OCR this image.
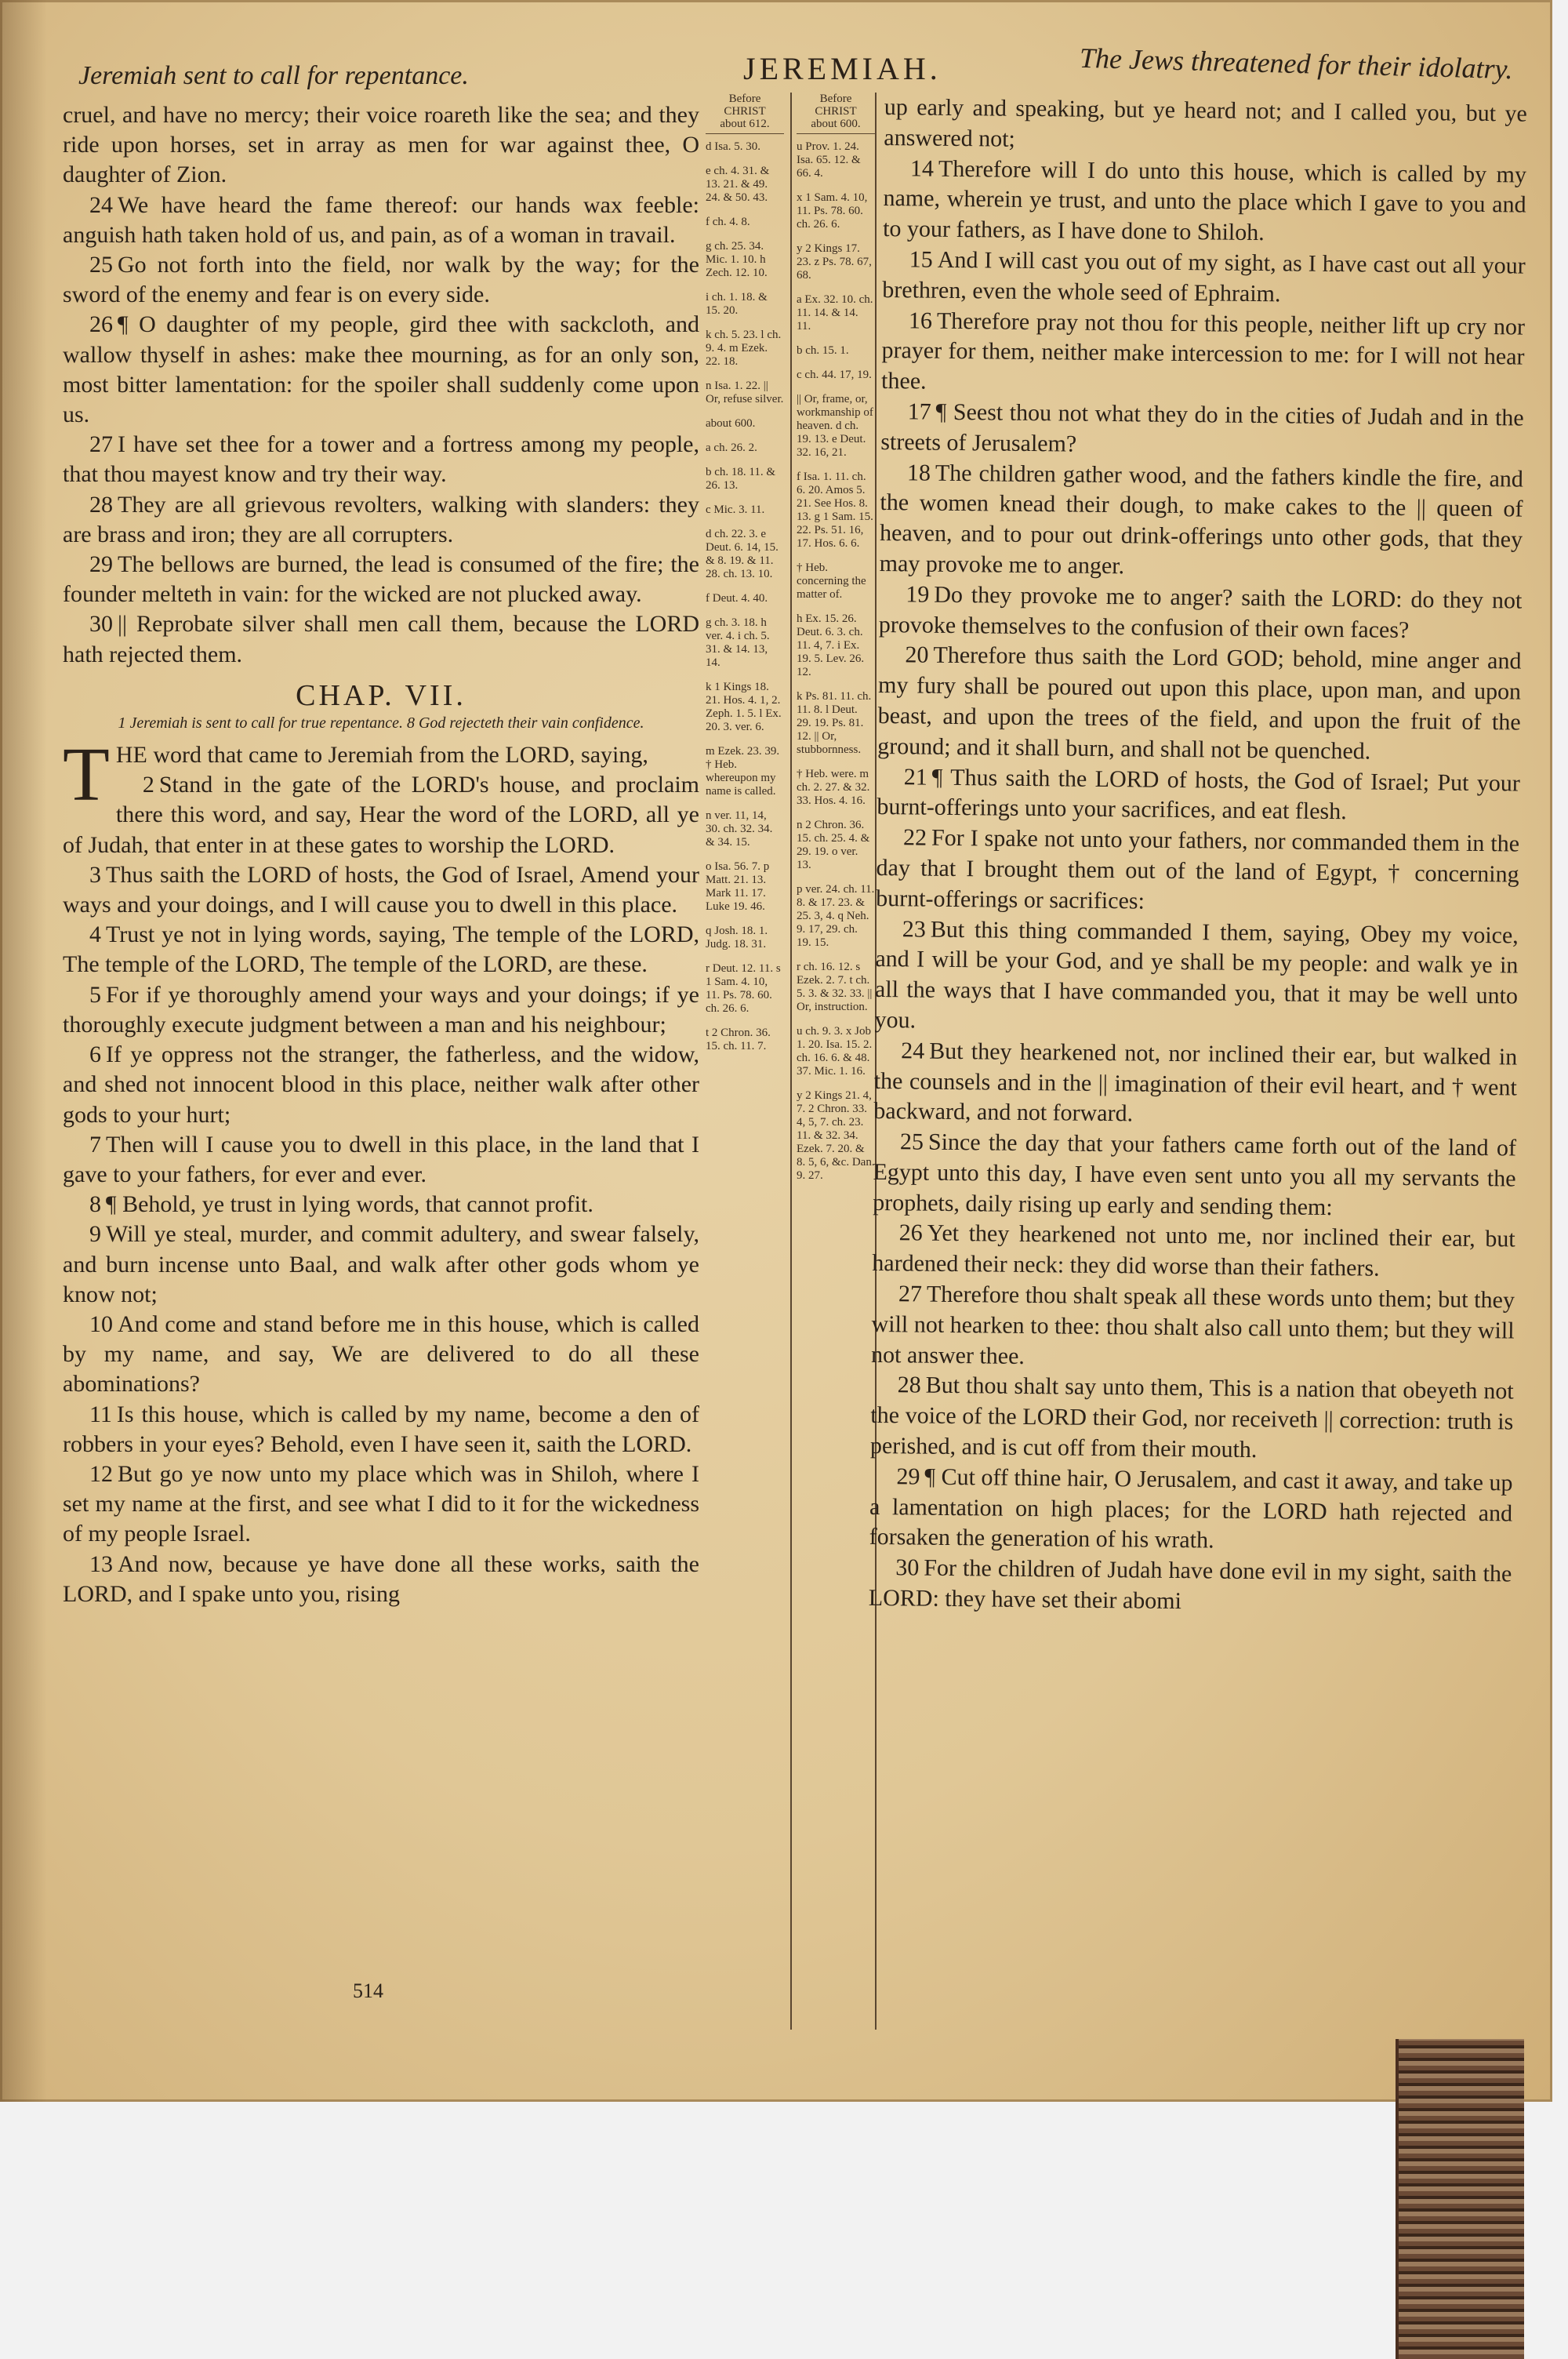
Jeremiah sent to call for repentance.	JEREMIAH.	The Jews threatened for their idolatry.

cruel, and have no mercy; their voice roareth like the sea; and they ride upon horses, set in array as men for war against thee, O daughter of Zion.

24 We have heard the fame thereof: our hands wax feeble: anguish hath taken hold of us, and pain, as of a woman in travail.

25 Go not forth into the field, nor walk by the way; for the sword of the enemy and fear is on every side.

26 ¶ O daughter of my people, gird thee with sackcloth, and wallow thyself in ashes: make thee mourning, as for an only son, most bitter lamentation: for the spoiler shall suddenly come upon us.

27 I have set thee for a tower and a fortress among my people, that thou mayest know and try their way.

28 They are all grievous revolters, walking with slanders: they are brass and iron; they are all corrupters.

29 The bellows are burned, the lead is consumed of the fire; the founder melteth in vain: for the wicked are not plucked away.

30 || Reprobate silver shall men call them, because the LORD hath rejected them.

CHAP. VII.
1 Jeremiah is sent to call for true repentance. 8 God rejecteth their vain confidence.

T HE word that came to Jeremiah from the LORD, saying,

2 Stand in the gate of the LORD's house, and proclaim there this word, and say, Hear the word of the LORD, all ye of Judah, that enter in at these gates to worship the LORD.

3 Thus saith the LORD of hosts, the God of Israel, Amend your ways and your doings, and I will cause you to dwell in this place.

4 Trust ye not in lying words, saying, The temple of the LORD, The temple of the LORD, The temple of the LORD, are these.

5 For if ye thoroughly amend your ways and your doings; if ye thoroughly execute judgment between a man and his neighbour;

6 If ye oppress not the stranger, the fatherless, and the widow, and shed not innocent blood in this place, neither walk after other gods to your hurt;

7 Then will I cause you to dwell in this place, in the land that I gave to your fathers, for ever and ever.

8 ¶ Behold, ye trust in lying words, that cannot profit.

9 Will ye steal, murder, and commit adultery, and swear falsely, and burn incense unto Baal, and walk after other gods whom ye know not;

10 And come and stand before me in this house, which is called by my name, and say, We are delivered to do all these abominations?

11 Is this house, which is called by my name, become a den of robbers in your eyes? Behold, even I have seen it, saith the LORD.

12 But go ye now unto my place which was in Shiloh, where I set my name at the first, and see what I did to it for the wickedness of my people Israel.

13 And now, because ye have done all these works, saith the LORD, and I spake unto you, rising

Before
CHRIST
about 612.
d Isa. 5. 30.
e ch. 4. 31. & 13. 21. & 49. 24. & 50. 43.
f ch. 4. 8.
g ch. 25. 34. Mic. 1. 10. h Zech. 12. 10.
i ch. 1. 18. & 15. 20.
k ch. 5. 23. l ch. 9. 4. m Ezek. 22. 18.
n Isa. 1. 22. || Or, refuse silver.
about 600.
a ch. 26. 2.
b ch. 18. 11. & 26. 13.
c Mic. 3. 11.
d ch. 22. 3. e Deut. 6. 14, 15. & 8. 19. & 11. 28. ch. 13. 10.
f Deut. 4. 40.
g ch. 3. 18. h ver. 4. i ch. 5. 31. & 14. 13, 14.
k 1 Kings 18. 21. Hos. 4. 1, 2. Zeph. 1. 5. l Ex. 20. 3. ver. 6.
m Ezek. 23. 39. † Heb. whereupon my name is called.
n ver. 11, 14, 30. ch. 32. 34. & 34. 15.
o Isa. 56. 7. p Matt. 21. 13. Mark 11. 17. Luke 19. 46.
q Josh. 18. 1. Judg. 18. 31.
r Deut. 12. 11. s 1 Sam. 4. 10, 11. Ps. 78. 60. ch. 26. 6.
t 2 Chron. 36. 15. ch. 11. 7.
Before
CHRIST
about 600.
u Prov. 1. 24. Isa. 65. 12. & 66. 4.
x 1 Sam. 4. 10, 11. Ps. 78. 60. ch. 26. 6.
y 2 Kings 17. 23. z Ps. 78. 67, 68.
a Ex. 32. 10. ch. 11. 14. & 14. 11.
b ch. 15. 1.
c ch. 44. 17, 19.
|| Or, frame, or, workmanship of heaven. d ch. 19. 13. e Deut. 32. 16, 21.
f Isa. 1. 11. ch. 6. 20. Amos 5. 21. See Hos. 8. 13. g 1 Sam. 15. 22. Ps. 51. 16, 17. Hos. 6. 6.
† Heb. concerning the matter of.
h Ex. 15. 26. Deut. 6. 3. ch. 11. 4, 7. i Ex. 19. 5. Lev. 26. 12.
k Ps. 81. 11. ch. 11. 8. l Deut. 29. 19. Ps. 81. 12. || Or, stubbornness.
† Heb. were. m ch. 2. 27. & 32. 33. Hos. 4. 16.
n 2 Chron. 36. 15. ch. 25. 4. & 29. 19. o ver. 13.
p ver. 24. ch. 11. 8. & 17. 23. & 25. 3, 4. q Neh. 9. 17, 29. ch. 19. 15.
r ch. 16. 12. s Ezek. 2. 7. t ch. 5. 3. & 32. 33. || Or, instruction.
u ch. 9. 3. x Job 1. 20. Isa. 15. 2. ch. 16. 6. & 48. 37. Mic. 1. 16.
y 2 Kings 21. 4, 7. 2 Chron. 33. 4, 5, 7. ch. 23. 11. & 32. 34. Ezek. 7. 20. & 8. 5, 6, &c. Dan. 9. 27.

up early and speaking, but ye heard not; and I called you, but ye answered not;

14 Therefore will I do unto this house, which is called by my name, wherein ye trust, and unto the place which I gave to you and to your fathers, as I have done to Shiloh.

15 And I will cast you out of my sight, as I have cast out all your brethren, even the whole seed of Ephraim.

16 Therefore pray not thou for this people, neither lift up cry nor prayer for them, neither make intercession to me: for I will not hear thee.

17 ¶ Seest thou not what they do in the cities of Judah and in the streets of Jerusalem?

18 The children gather wood, and the fathers kindle the fire, and the women knead their dough, to make cakes to the || queen of heaven, and to pour out drink-offerings unto other gods, that they may provoke me to anger.

19 Do they provoke me to anger? saith the LORD: do they not provoke themselves to the confusion of their own faces?

20 Therefore thus saith the Lord GOD; behold, mine anger and my fury shall be poured out upon this place, upon man, and upon beast, and upon the trees of the field, and upon the fruit of the ground; and it shall burn, and shall not be quenched.

21 ¶ Thus saith the LORD of hosts, the God of Israel; Put your burnt-offerings unto your sacrifices, and eat flesh.

22 For I spake not unto your fathers, nor commanded them in the day that I brought them out of the land of Egypt, † concerning burnt-offerings or sacrifices:

23 But this thing commanded I them, saying, Obey my voice, and I will be your God, and ye shall be my people: and walk ye in all the ways that I have commanded you, that it may be well unto you.

24 But they hearkened not, nor inclined their ear, but walked in the counsels and in the || imagination of their evil heart, and † went backward, and not forward.

25 Since the day that your fathers came forth out of the land of Egypt unto this day, I have even sent unto you all my servants the prophets, daily rising up early and sending them:

26 Yet they hearkened not unto me, nor inclined their ear, but hardened their neck: they did worse than their fathers.

27 Therefore thou shalt speak all these words unto them; but they will not hearken to thee: thou shalt also call unto them; but they will not answer thee.

28 But thou shalt say unto them, This is a nation that obeyeth not the voice of the LORD their God, nor receiveth || correction: truth is perished, and is cut off from their mouth.

29 ¶ Cut off thine hair, O Jerusalem, and cast it away, and take up a lamentation on high places; for the LORD hath rejected and forsaken the generation of his wrath.

30 For the children of Judah have done evil in my sight, saith the LORD: they have set their abomi

514
